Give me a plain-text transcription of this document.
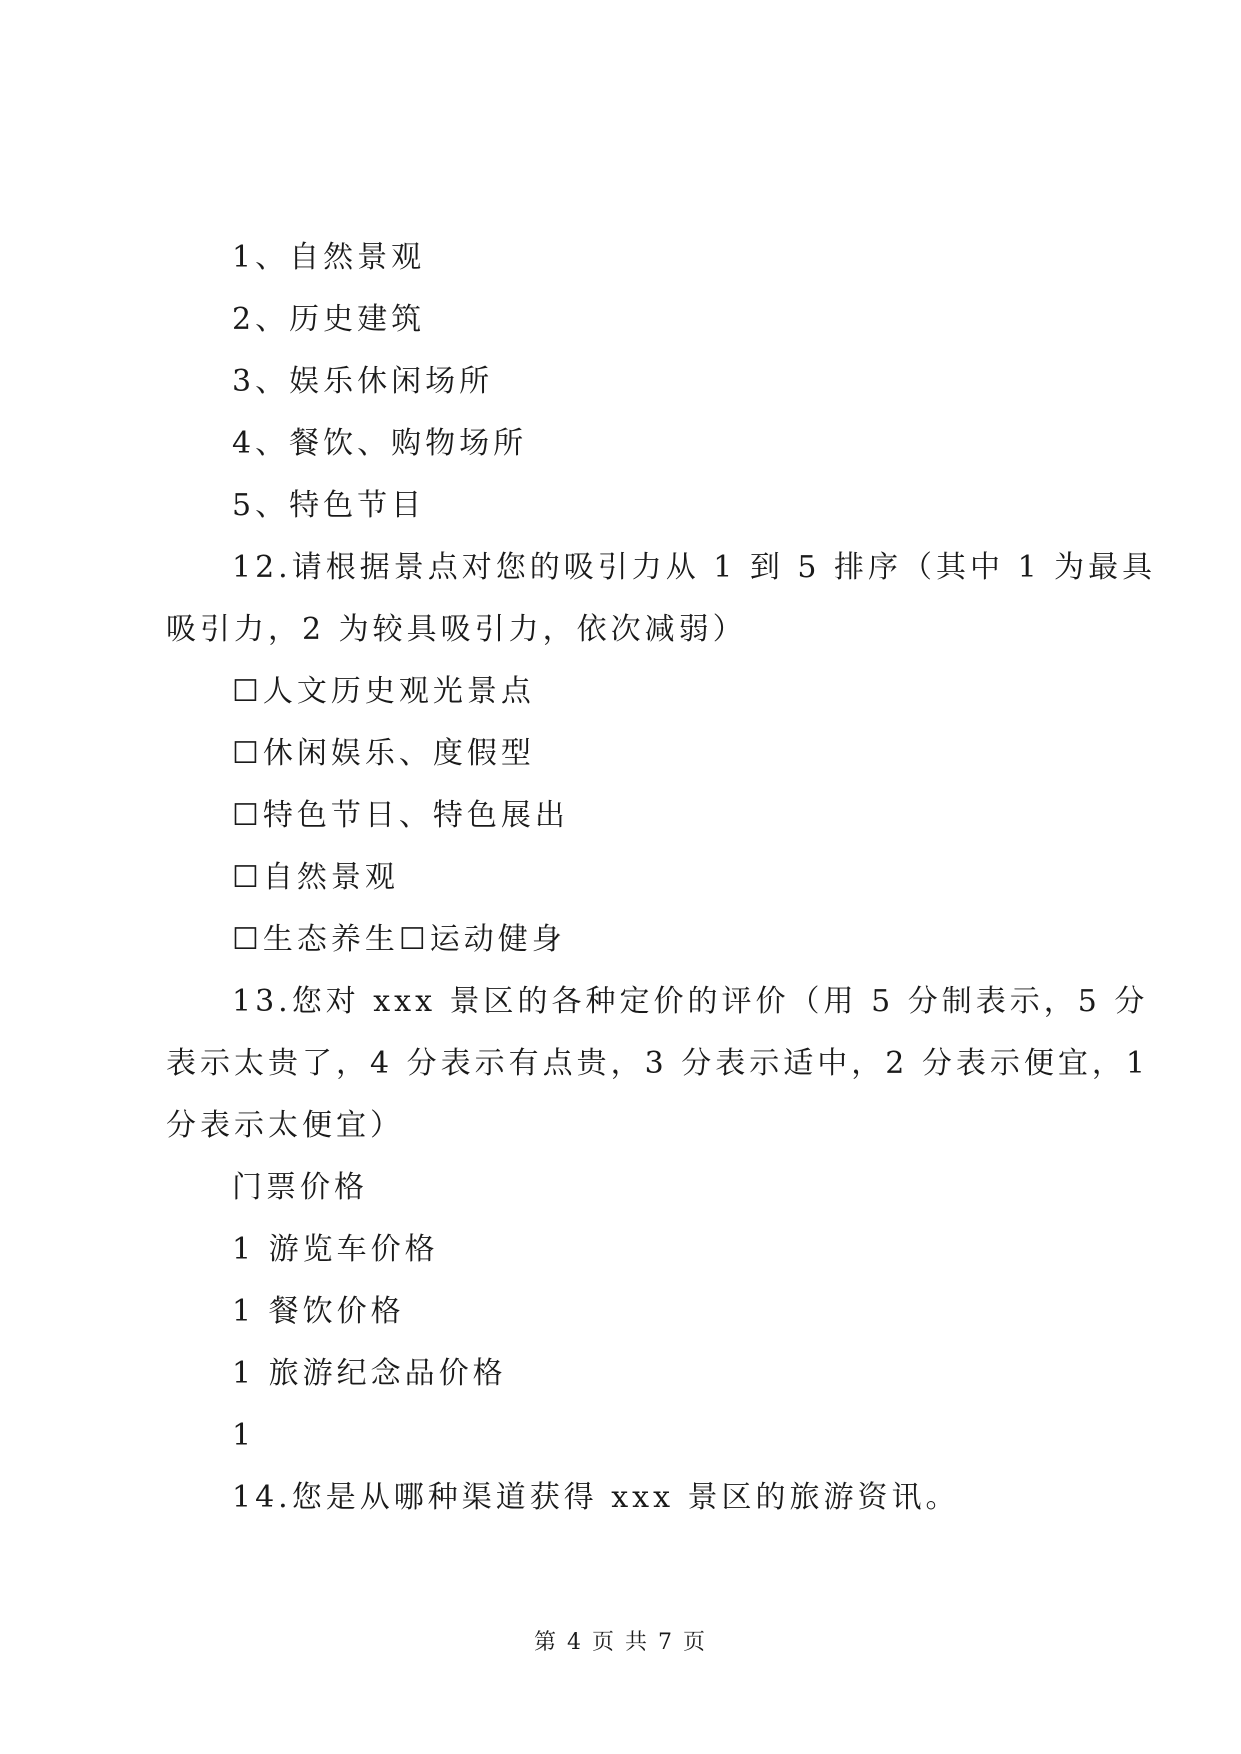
1、自然景观
2、历史建筑
3、娱乐休闲场所
4、餐饮、购物场所
5、特色节目
12.请根据景点对您的吸引力从 1 到 5 排序（其中 1 为最具
吸引力，2 为较具吸引力，依次减弱）
☐人文历史观光景点
☐休闲娱乐、度假型
☐特色节日、特色展出
☐自然景观
☐生态养生☐运动健身
13.您对 xxx 景区的各种定价的评价（用 5 分制表示，5 分
表示太贵了，4 分表示有点贵，3 分表示适中，2 分表示便宜，1
分表示太便宜）
门票价格
1 游览车价格
1 餐饮价格
1 旅游纪念品价格
1
14.您是从哪种渠道获得 xxx 景区的旅游资讯。
第 4 页 共 7 页
